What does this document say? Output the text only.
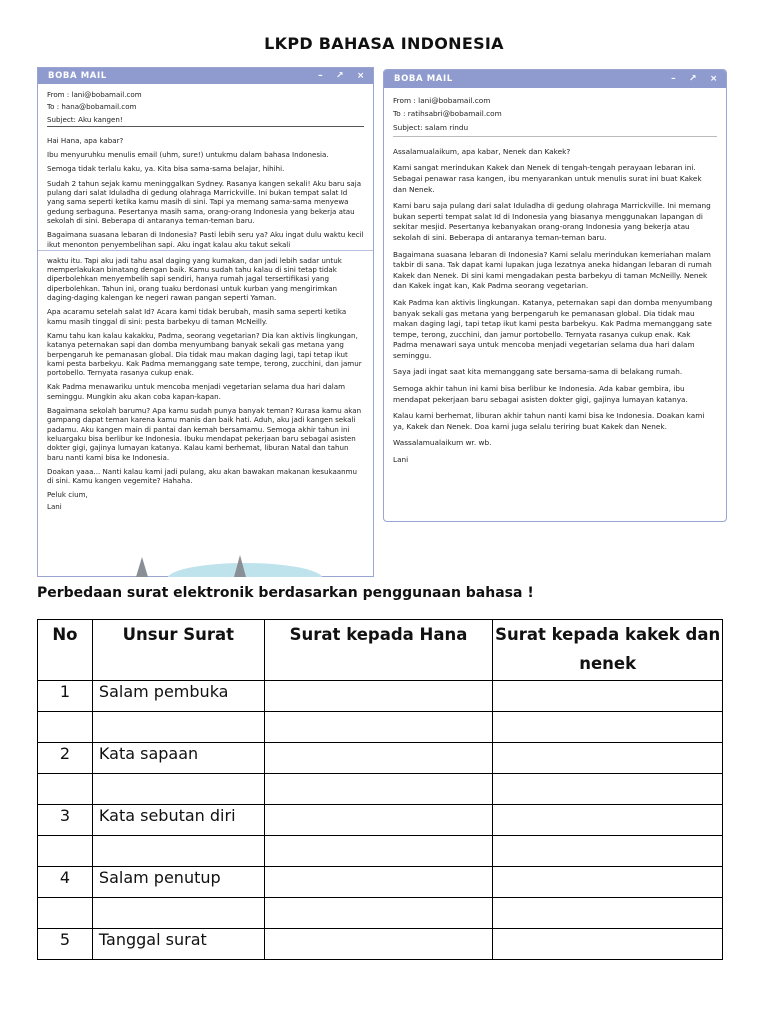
LKPD BAHASA INDONESIA
BOBA MAIL	– ↗ ×
From : lani@bobamail.com
To : hana@bobamail.com
Subject: Aku kangen!

Hai Hana, apa kabar?

Ibu menyuruhku menulis email (uhm, sure!) untukmu dalam bahasa Indonesia.

Semoga tidak terlalu kaku, ya. Kita bisa sama-sama belajar, hihihi.

Sudah 2 tahun sejak kamu meninggalkan Sydney. Rasanya kangen sekali! Aku baru saja pulang dari salat Iduladha di gedung olahraga Marrickville. Ini bukan tempat salat Id yang sama seperti ketika kamu masih di sini. Tapi ya memang sama-sama menyewa gedung serbaguna. Pesertanya masih sama, orang-orang Indonesia yang bekerja atau sekolah di sini. Beberapa di antaranya teman-teman baru.

Bagaimana suasana lebaran di Indonesia? Pasti lebih seru ya? Aku ingat dulu waktu kecil ikut menonton penyembelihan sapi. Aku ingat kalau aku takut sekali

waktu itu. Tapi aku jadi tahu asal daging yang kumakan, dan jadi lebih sadar untuk memperlakukan binatang dengan baik. Kamu sudah tahu kalau di sini tetap tidak diperbolehkan menyembelih sapi sendiri, hanya rumah jagal tersertifikasi yang diperbolehkan. Tahun ini, orang tuaku berdonasi untuk kurban yang mengirimkan daging-daging kalengan ke negeri rawan pangan seperti Yaman.

Apa acaramu setelah salat Id? Acara kami tidak berubah, masih sama seperti ketika kamu masih tinggal di sini: pesta barbekyu di taman McNeilly.

Kamu tahu kan kalau kakakku, Padma, seorang vegetarian? Dia kan aktivis lingkungan, katanya peternakan sapi dan domba menyumbang banyak sekali gas metana yang berpengaruh ke pemanasan global. Dia tidak mau makan daging lagi, tapi tetap ikut kami pesta barbekyu. Kak Padma memanggang sate tempe, terong, zucchini, dan jamur portobello. Ternyata rasanya cukup enak.

Kak Padma menawariku untuk mencoba menjadi vegetarian selama dua hari dalam seminggu. Mungkin aku akan coba kapan-kapan.

Bagaimana sekolah barumu? Apa kamu sudah punya banyak teman? Kurasa kamu akan gampang dapat teman karena kamu manis dan baik hati. Aduh, aku jadi kangen sekali padamu. Aku kangen main di pantai dan kemah bersamamu. Semoga akhir tahun ini keluargaku bisa berlibur ke Indonesia. Ibuku mendapat pekerjaan baru sebagai asisten dokter gigi, gajinya lumayan katanya. Kalau kami berhemat, liburan Natal dan tahun baru nanti kami bisa ke Indonesia.

Doakan yaaa... Nanti kalau kami jadi pulang, aku akan bawakan makanan kesukaanmu di sini. Kamu kangen vegemite? Hahaha.

Peluk cium,

Lani

BOBA MAIL	– ↗ ×
From : lani@bobamail.com
To : ratihsabri@bobamail.com
Subject: salam rindu

Assalamualaikum, apa kabar, Nenek dan Kakek?

Kami sangat merindukan Kakek dan Nenek di tengah-tengah perayaan lebaran ini. Sebagai penawar rasa kangen, ibu menyarankan untuk menulis surat ini buat Kakek dan Nenek.

Kami baru saja pulang dari salat Iduladha di gedung olahraga Marrickville. Ini memang bukan seperti tempat salat Id di Indonesia yang biasanya menggunakan lapangan di sekitar mesjid. Pesertanya kebanyakan orang-orang Indonesia yang bekerja atau sekolah di sini. Beberapa di antaranya teman-teman baru.

Bagaimana suasana lebaran di Indonesia? Kami selalu merindukan kemeriahan malam takbir di sana. Tak dapat kami lupakan juga lezatnya aneka hidangan lebaran di rumah Kakek dan Nenek. Di sini kami mengadakan pesta barbekyu di taman McNeilly. Nenek dan Kakek ingat kan, Kak Padma seorang vegetarian.

Kak Padma kan aktivis lingkungan. Katanya, peternakan sapi dan domba menyumbang banyak sekali gas metana yang berpengaruh ke pemanasan global. Dia tidak mau makan daging lagi, tapi tetap ikut kami pesta barbekyu. Kak Padma memanggang sate tempe, terong, zucchini, dan jamur portobello. Ternyata rasanya cukup enak. Kak Padma menawari saya untuk mencoba menjadi vegetarian selama dua hari dalam seminggu.

Saya jadi ingat saat kita memanggang sate bersama-sama di belakang rumah.

Semoga akhir tahun ini kami bisa berlibur ke Indonesia. Ada kabar gembira, ibu mendapat pekerjaan baru sebagai asisten dokter gigi, gajinya lumayan katanya.

Kalau kami berhemat, liburan akhir tahun nanti kami bisa ke Indonesia. Doakan kami ya, Kakek dan Nenek. Doa kami juga selalu teriring buat Kakek dan Nenek.

Wassalamualaikum wr. wb.

Lani

Perbedaan surat elektronik berdasarkan penggunaan bahasa !
No	Unsur Surat	Surat kepada Hana	Surat kepada kakek dan nenek
1	Salam pembuka		

2	Kata sapaan		

3	Kata sebutan diri		

4	Salam penutup		

5	Tanggal surat		
